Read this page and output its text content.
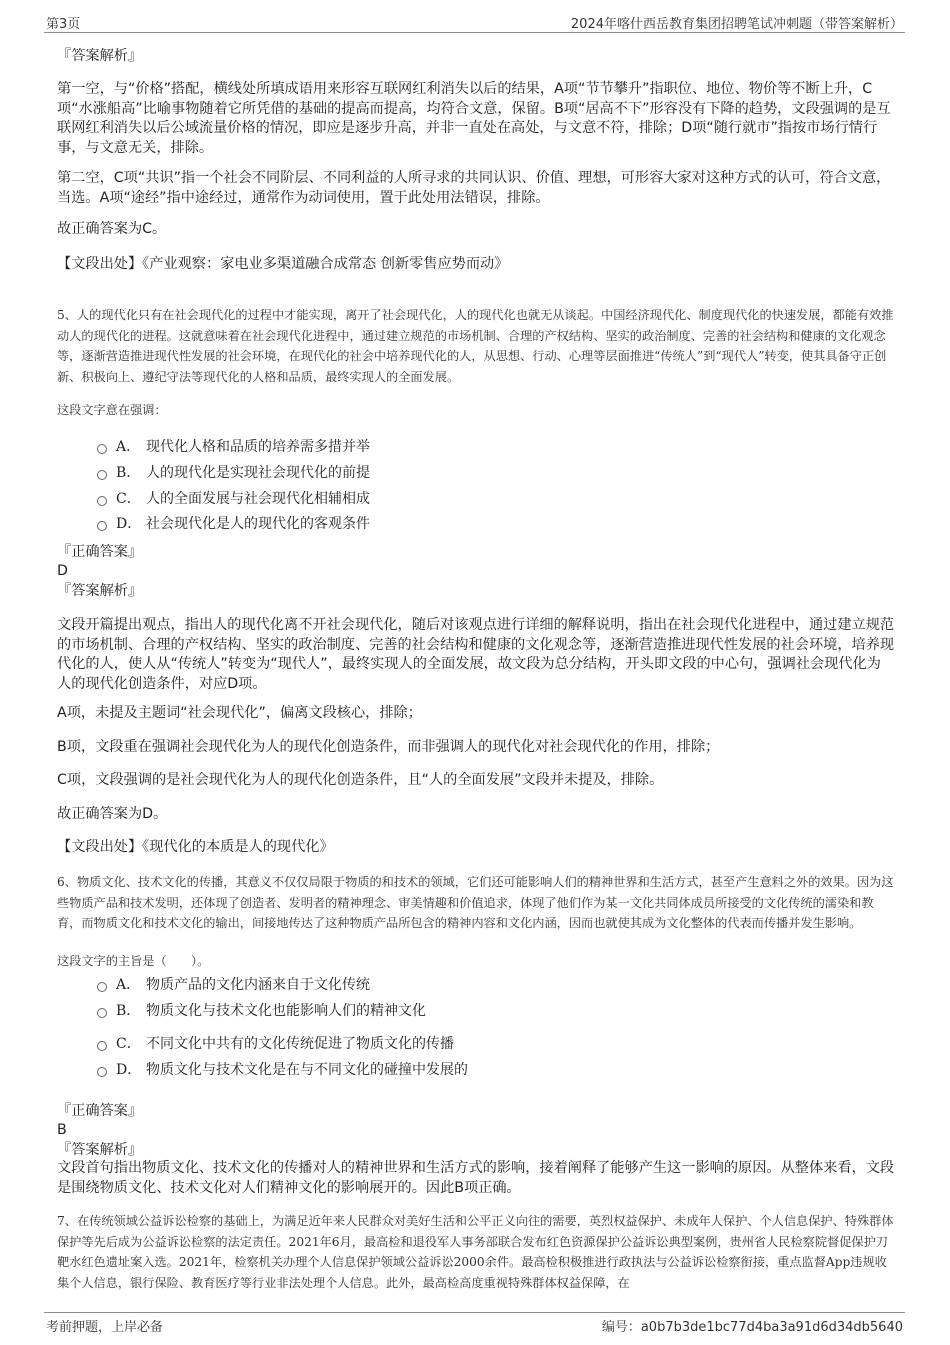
第3页	2024年喀什西岳教育集团招聘笔试冲刺题（带答案解析）
『答案解析』

第一空，与“价格”搭配，横线处所填成语用来形容互联网红利消失以后的结果，A项“节节攀升”指职位、地位、物价等不断上升，C项“水涨船高”比喻事物随着它所凭借的基础的提高而提高，均符合文意，保留。B项“居高不下”形容没有下降的趋势，文段强调的是互联网红利消失以后公域流量价格的情况，即应是逐步升高，并非一直处在高处，与文意不符，排除；D项“随行就市”指按市场行情行事，与文意无关，排除。

第二空，C项“共识”指一个社会不同阶层、不同利益的人所寻求的共同认识、价值、理想，可形容大家对这种方式的认可，符合文意，当选。A项“途经”指中途经过，通常作为动词使用，置于此处用法错误，排除。

故正确答案为C。
【文段出处】《产业观察：家电业多渠道融合成常态 创新零售应势而动》

5、人的现代化只有在社会现代化的过程中才能实现，离开了社会现代化，人的现代化也就无从谈起。中国经济现代化、制度现代化的快速发展，都能有效推动人的现代化的进程。这就意味着在社会现代化进程中，通过建立规范的市场机制、合理的产权结构、坚实的政治制度、完善的社会结构和健康的文化观念等，逐渐营造推进现代性发展的社会环境，在现代化的社会中培养现代化的人，从思想、行动、心理等层面推进“传统人”到“现代人”转变，使其具备守正创新、积极向上、遵纪守法等现代化的人格和品质，最终实现人的全面发展。

这段文字意在强调：
A． 现代化人格和品质的培养需多措并举
B． 人的现代化是实现社会现代化的前提
C． 人的全面发展与社会现代化相辅相成
D． 社会现代化是人的现代化的客观条件
『正确答案』
D
『答案解析』

文段开篇提出观点，指出人的现代化离不开社会现代化，随后对该观点进行详细的解释说明，指出在社会现代化进程中，通过建立规范的市场机制、合理的产权结构、坚实的政治制度、完善的社会结构和健康的文化观念等，逐渐营造推进现代性发展的社会环境，培养现代化的人，使人从“传统人”转变为“现代人”，最终实现人的全面发展，故文段为总分结构，开头即文段的中心句，强调社会现代化为人的现代化创造条件，对应D项。

A项，未提及主题词“社会现代化”，偏离文段核心，排除；
B项，文段重在强调社会现代化为人的现代化创造条件，而非强调人的现代化对社会现代化的作用，排除；
C项，文段强调的是社会现代化为人的现代化创造条件，且“人的全面发展”文段并未提及，排除。
故正确答案为D。
【文段出处】《现代化的本质是人的现代化》

6、物质文化、技术文化的传播，其意义不仅仅局限于物质的和技术的领域，它们还可能影响人们的精神世界和生活方式，甚至产生意料之外的效果。因为这些物质产品和技术发明，还体现了创造者、发明者的精神理念、审美情趣和价值追求，体现了他们作为某一文化共同体成员所接受的文化传统的濡染和教育，而物质文化和技术文化的输出，间接地传达了这种物质产品所包含的精神内容和文化内涵，因而也就使其成为文化整体的代表而传播并发生影响。

这段文字的主旨是（　　）。
A． 物质产品的文化内涵来自于文化传统
B． 物质文化与技术文化也能影响人们的精神文化
C． 不同文化中共有的文化传统促进了物质文化的传播
D． 物质文化与技术文化是在与不同文化的碰撞中发展的
『正确答案』
B
『答案解析』

文段首句指出物质文化、技术文化的传播对人的精神世界和生活方式的影响，接着阐释了能够产生这一影响的原因。从整体来看，文段是围绕物质文化、技术文化对人们精神文化的影响展开的。因此B项正确。

7、在传统领域公益诉讼检察的基础上，为满足近年来人民群众对美好生活和公平正义向往的需要，英烈权益保护、未成年人保护、个人信息保护、特殊群体保护等先后成为公益诉讼检察的法定责任。2021年6月，最高检和退役军人事务部联合发布红色资源保护公益诉讼典型案例，贵州省人民检察院督促保护刀靶水红色遗址案入选。2021年，检察机关办理个人信息保护领域公益诉讼2000余件。最高检积极推进行政执法与公益诉讼检察衔接，重点监督App违规收集个人信息，银行保险、教育医疗等行业非法处理个人信息。此外，最高检高度重视特殊群体权益保障，在

考前押题，上岸必备	编号：a0b7b3de1bc77d4ba3a91d6d34db5640
